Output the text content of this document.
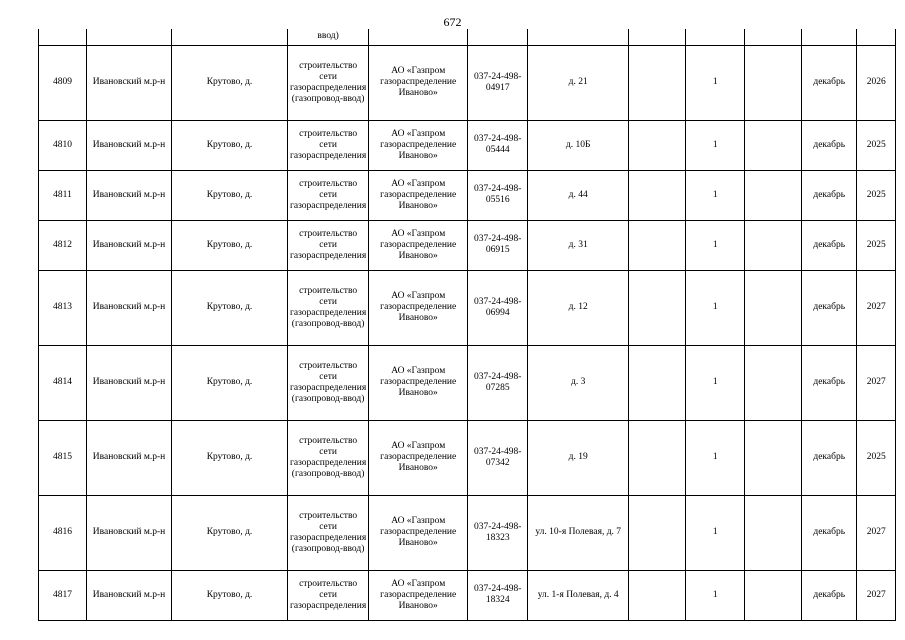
672
			ввод)								
4809	Ивановский м.р-н	Крутово, д.	строительство сети газораспределения (газопровод-ввод)	АО «Газпром газораспределение Иваново»	037-24-498-04917	д. 21		1		декабрь	2026
4810	Ивановский м.р-н	Крутово, д.	строительство сети газораспределения	АО «Газпром газораспределение Иваново»	037-24-498-05444	д. 10Б		1		декабрь	2025
4811	Ивановский м.р-н	Крутово, д.	строительство сети газораспределения	АО «Газпром газораспределение Иваново»	037-24-498-05516	д. 44		1		декабрь	2025
4812	Ивановский м.р-н	Крутово, д.	строительство сети газораспределения	АО «Газпром газораспределение Иваново»	037-24-498-06915	д. 31		1		декабрь	2025
4813	Ивановский м.р-н	Крутово, д.	строительство сети газораспределения (газопровод-ввод)	АО «Газпром газораспределение Иваново»	037-24-498-06994	д. 12		1		декабрь	2027
4814	Ивановский м.р-н	Крутово, д.	строительство сети газораспределения (газопровод-ввод)	АО «Газпром газораспределение Иваново»	037-24-498-07285	д. 3		1		декабрь	2027
4815	Ивановский м.р-н	Крутово, д.	строительство сети газораспределения (газопровод-ввод)	АО «Газпром газораспределение Иваново»	037-24-498-07342	д. 19		1		декабрь	2025
4816	Ивановский м.р-н	Крутово, д.	строительство сети газораспределения (газопровод-ввод)	АО «Газпром газораспределение Иваново»	037-24-498-18323	ул. 10-я Полевая, д. 7		1		декабрь	2027
4817	Ивановский м.р-н	Крутово, д.	строительство сети газораспределения	АО «Газпром газораспределение Иваново»	037-24-498-18324	ул. 1-я Полевая, д. 4		1		декабрь	2027
